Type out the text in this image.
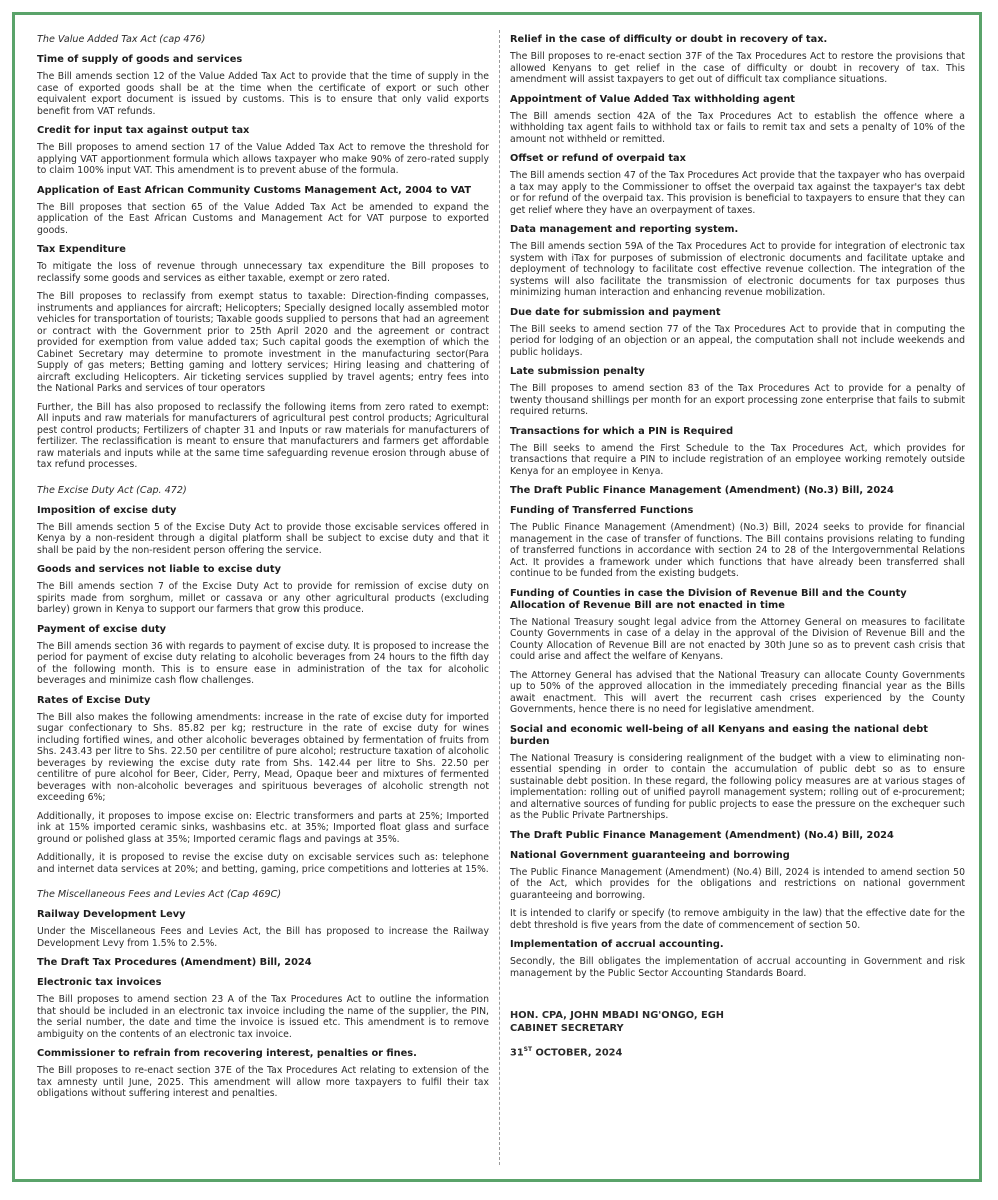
The Value Added Tax Act (cap 476)
Time of supply of goods and services

The Bill amends section 12 of the Value Added Tax Act to provide that the time of supply in the case of exported goods shall be at the time when the certificate of export or such other equivalent export document is issued by customs. This is to ensure that only valid exports benefit from VAT refunds.

Credit for input tax against output tax

The Bill proposes to amend section 17 of the Value Added Tax Act to remove the threshold for applying VAT apportionment formula which allows taxpayer who make 90% of zero-rated supply to claim 100% input VAT. This amendment is to prevent abuse of the formula.

Application of East African Community Customs Management Act, 2004 to VAT

The Bill proposes that section 65 of the Value Added Tax Act be amended to expand the application of the East African Customs and Management Act for VAT purpose to exported goods.

Tax Expenditure

To mitigate the loss of revenue through unnecessary tax expenditure the Bill proposes to reclassify some goods and services as either taxable, exempt or zero rated.

The Bill proposes to reclassify from exempt status to taxable: Direction-finding compasses, instruments and appliances for aircraft; Helicopters; Specially designed locally assembled motor vehicles for transportation of tourists; Taxable goods supplied to persons that had an agreement or contract with the Government prior to 25th April 2020 and the agreement or contract provided for exemption from value added tax; Such capital goods the exemption of which the Cabinet Secretary may determine to promote investment in the manufacturing sector(Para Supply of gas meters; Betting gaming and lottery services; Hiring leasing and chattering of aircraft excluding Helicopters. Air ticketing services supplied by travel agents; entry fees into the National Parks and services of tour operators

Further, the Bill has also proposed to reclassify the following items from zero rated to exempt: All inputs and raw materials for manufacturers of agricultural pest control products; Agricultural pest control products; Fertilizers of chapter 31 and Inputs or raw materials for manufacturers of fertilizer. The reclassification is meant to ensure that manufacturers and farmers get affordable raw materials and inputs while at the same time safeguarding revenue erosion through abuse of tax refund processes.

The Excise Duty Act (Cap. 472)
Imposition of excise duty

The Bill amends section 5 of the Excise Duty Act to provide those excisable services offered in Kenya by a non-resident through a digital platform shall be subject to excise duty and that it shall be paid by the non-resident person offering the service.

Goods and services not liable to excise duty

The Bill amends section 7 of the Excise Duty Act to provide for remission of excise duty on spirits made from sorghum, millet or cassava or any other agricultural products (excluding barley) grown in Kenya to support our farmers that grow this produce.

Payment of excise duty

The Bill amends section 36 with regards to payment of excise duty. It is proposed to increase the period for payment of excise duty relating to alcoholic beverages from 24 hours to the fifth day of the following month. This is to ensure ease in administration of the tax for alcoholic beverages and minimize cash flow challenges.

Rates of Excise Duty

The Bill also makes the following amendments: increase in the rate of excise duty for imported sugar confectionary to Shs. 85.82 per kg; restructure in the rate of excise duty for wines including fortified wines, and other alcoholic beverages obtained by fermentation of fruits from Shs. 243.43 per litre to Shs. 22.50 per centilitre of pure alcohol; restructure taxation of alcoholic beverages by reviewing the excise duty rate from Shs. 142.44 per litre to Shs. 22.50 per centilitre of pure alcohol for Beer, Cider, Perry, Mead, Opaque beer and mixtures of fermented beverages with non-alcoholic beverages and spirituous beverages of alcoholic strength not exceeding 6%;

Additionally, it proposes to impose excise on: Electric transformers and parts at 25%; Imported ink at 15% imported ceramic sinks, washbasins etc. at 35%; Imported float glass and surface ground or polished glass at 35%; Imported ceramic flags and pavings at 35%.

Additionally, it is proposed to revise the excise duty on excisable services such as: telephone and internet data services at 20%; and betting, gaming, price competitions and lotteries at 15%.

The Miscellaneous Fees and Levies Act (Cap 469C)
Railway Development Levy

Under the Miscellaneous Fees and Levies Act, the Bill has proposed to increase the Railway Development Levy from 1.5% to 2.5%.

The Draft Tax Procedures (Amendment) Bill, 2024
Electronic tax invoices

The Bill proposes to amend section 23 A of the Tax Procedures Act to outline the information that should be included in an electronic tax invoice including the name of the supplier, the PIN, the serial number, the date and time the invoice is issued etc. This amendment is to remove ambiguity on the contents of an electronic tax invoice.

Commissioner to refrain from recovering interest, penalties or fines.

The Bill proposes to re-enact section 37E of the Tax Procedures Act relating to extension of the tax amnesty until June, 2025. This amendment will allow more taxpayers to fulfil their tax obligations without suffering interest and penalties.

Relief in the case of difficulty or doubt in recovery of tax.

The Bill proposes to re-enact section 37F of the Tax Procedures Act to restore the provisions that allowed Kenyans to get relief in the case of difficulty or doubt in recovery of tax. This amendment will assist taxpayers to get out of difficult tax compliance situations.

Appointment of Value Added Tax withholding agent

The Bill amends section 42A of the Tax Procedures Act to establish the offence where a withholding tax agent fails to withhold tax or fails to remit tax and sets a penalty of 10% of the amount not withheld or remitted.

Offset or refund of overpaid tax

The Bill amends section 47 of the Tax Procedures Act provide that the taxpayer who has overpaid a tax may apply to the Commissioner to offset the overpaid tax against the taxpayer's tax debt or for refund of the overpaid tax. This provision is beneficial to taxpayers to ensure that they can get relief where they have an overpayment of taxes.

Data management and reporting system.

The Bill amends section 59A of the Tax Procedures Act to provide for integration of electronic tax system with iTax for purposes of submission of electronic documents and facilitate uptake and deployment of technology to facilitate cost effective revenue collection. The integration of the systems will also facilitate the transmission of electronic documents for tax purposes thus minimizing human interaction and enhancing revenue mobilization.

Due date for submission and payment

The Bill seeks to amend section 77 of the Tax Procedures Act to provide that in computing the period for lodging of an objection or an appeal, the computation shall not include weekends and public holidays.

Late submission penalty

The Bill proposes to amend section 83 of the Tax Procedures Act to provide for a penalty of twenty thousand shillings per month for an export processing zone enterprise that fails to submit required returns.

Transactions for which a PIN is Required

The Bill seeks to amend the First Schedule to the Tax Procedures Act, which provides for transactions that require a PIN to include registration of an employee working remotely outside Kenya for an employee in Kenya.

The Draft Public Finance Management (Amendment) (No.3) Bill, 2024
Funding of Transferred Functions

The Public Finance Management (Amendment) (No.3) Bill, 2024 seeks to provide for financial management in the case of transfer of functions. The Bill contains provisions relating to funding of transferred functions in accordance with section 24 to 28 of the Intergovernmental Relations Act. It provides a framework under which functions that have already been transferred shall continue to be funded from the existing budgets.

Funding of Counties in case the Division of Revenue Bill and the County Allocation of Revenue Bill are not enacted in time

The National Treasury sought legal advice from the Attorney General on measures to facilitate County Governments in case of a delay in the approval of the Division of Revenue Bill and the County Allocation of Revenue Bill are not enacted by 30th June so as to prevent cash crisis that could arise and affect the welfare of Kenyans.

The Attorney General has advised that the National Treasury can allocate County Governments up to 50% of the approved allocation in the immediately preceding financial year as the Bills await enactment. This will avert the recurrent cash crises experienced by the County Governments, hence there is no need for legislative amendment.

Social and economic well-being of all Kenyans and easing the national debt burden

The National Treasury is considering realignment of the budget with a view to eliminating non-essential spending in order to contain the accumulation of public debt so as to ensure sustainable debt position. In these regard, the following policy measures are at various stages of implementation: rolling out of unified payroll management system; rolling out of e-procurement; and alternative sources of funding for public projects to ease the pressure on the exchequer such as the Public Private Partnerships.

The Draft Public Finance Management (Amendment) (No.4) Bill, 2024
National Government guaranteeing and borrowing

The Public Finance Management (Amendment) (No.4) Bill, 2024 is intended to amend section 50 of the Act, which provides for the obligations and restrictions on national government guaranteeing and borrowing.

It is intended to clarify or specify (to remove ambiguity in the law) that the effective date for the debt threshold is five years from the date of commencement of section 50.

Implementation of accrual accounting.

Secondly, the Bill obligates the implementation of accrual accounting in Government and risk management by the Public Sector Accounting Standards Board.

HON. CPA, JOHN MBADI NG'ONGO, EGH
CABINET SECRETARY
31ST OCTOBER, 2024
